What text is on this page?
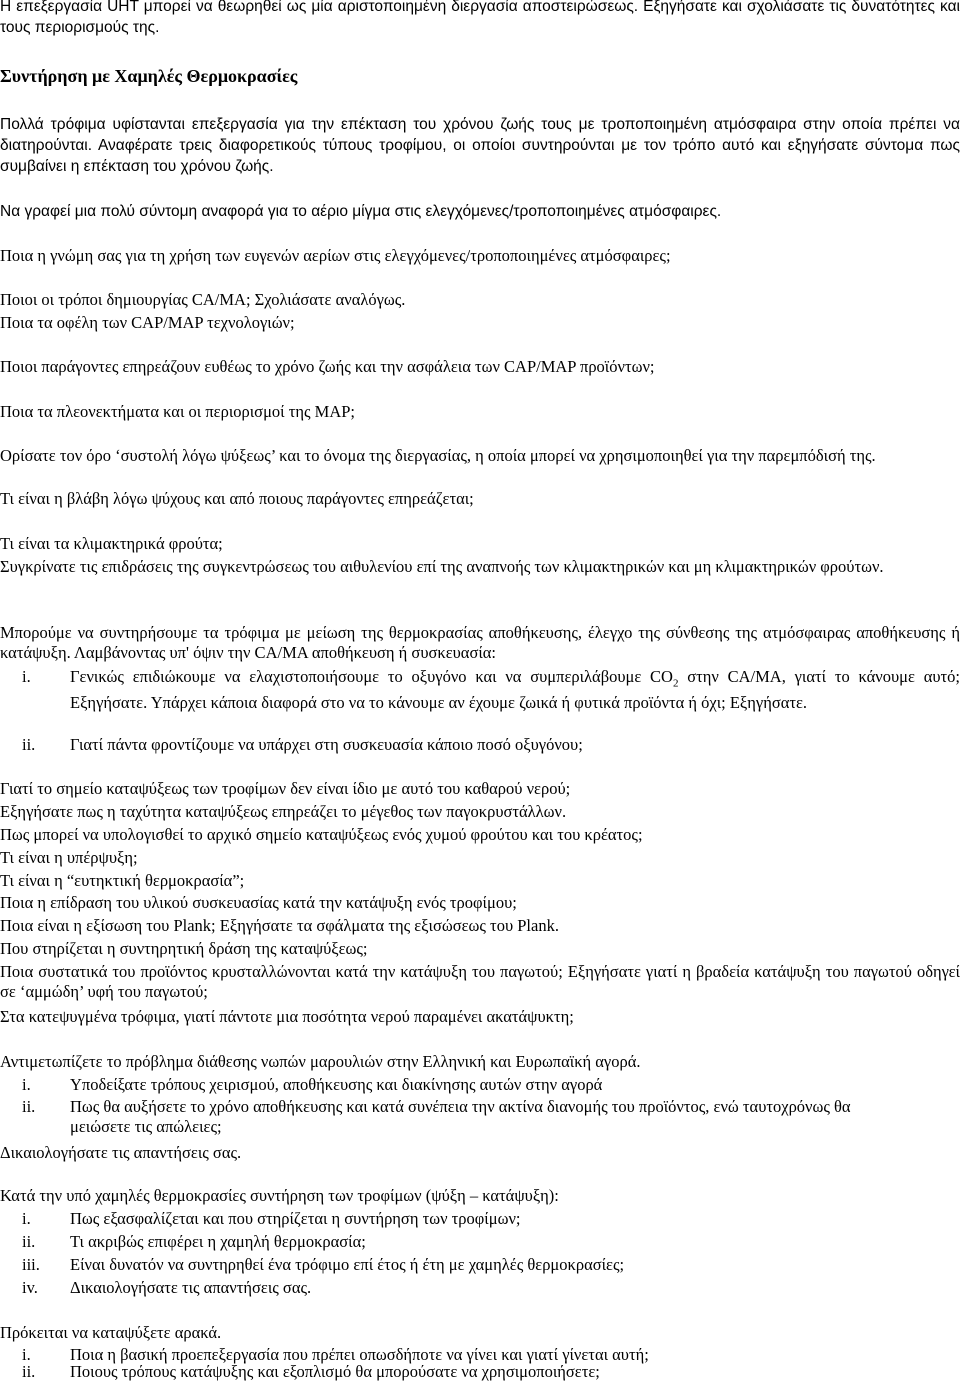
Η επεξεργασία UHT μπορεί να θεωρηθεί ως μία αριστοποιημένη διεργασία αποστειρώσεως. Εξηγήσατε και σχολιάσατε τις δυνατότητες και τους περιορισμούς της.

Συντήρηση με Χαμηλές Θερμοκρασίες

Πολλά τρόφιμα υφίστανται επεξεργασία για την επέκταση του χρόνου ζωής τους με τροποποιημένη ατμόσφαιρα στην οποία πρέπει να διατηρούνται. Αναφέρατε τρεις διαφορετικούς τύπους τροφίμου, οι οποίοι συντηρούνται με τον τρόπο αυτό και εξηγήσατε σύντομα πως συμβαίνει η επέκταση του χρόνου ζωής.

Να γραφεί μια πολύ σύντομη αναφορά για το αέριο μίγμα στις ελεγχόμενες/τροποποιημένες ατμόσφαιρες.

Ποια η γνώμη σας για τη χρήση των ευγενών αερίων στις ελεγχόμενες/τροποποιημένες ατμόσφαιρες;

Ποιοι οι τρόποι δημιουργίας CA/MA; Σχολιάσατε αναλόγως.

Ποια τα οφέλη των CAP/MAP τεχνολογιών;

Ποιοι παράγοντες επηρεάζουν ευθέως το χρόνο ζωής και την ασφάλεια των CAP/MAP προϊόντων;

Ποια τα πλεονεκτήματα και οι περιορισμοί της MAP;

Ορίσατε τον όρο ‘συστολή λόγω ψύξεως’ και το όνομα της διεργασίας, η οποία μπορεί να χρησιμοποιηθεί για την παρεμπόδισή της.

Τι είναι η βλάβη λόγω ψύχους και από ποιους παράγοντες επηρεάζεται;

Τι είναι τα κλιμακτηρικά φρούτα;

Συγκρίνατε τις επιδράσεις της συγκεντρώσεως του αιθυλενίου επί της αναπνοής των κλιμακτηρικών και μη κλιμακτηρικών φρούτων.

Μπορούμε να συντηρήσουμε τα τρόφιμα με μείωση της θερμοκρασίας αποθήκευσης, έλεγχο της σύνθεσης της ατμόσφαιρας αποθήκευσης ή κατάψυξη. Λαμβάνοντας υπ' όψιν την CA/MA αποθήκευση ή συσκευασία:

i.	Γενικώς επιδιώκουμε να ελαχιστοποιήσουμε το οξυγόνο και να συμπεριλάβουμε $CO_2$ στην CA/MA, γιατί το κάνουμε αυτό; Εξηγήσατε. Υπάρχει κάποια διαφορά στο να το κάνουμε αν έχουμε ζωικά ή φυτικά προϊόντα ή όχι; Εξηγήσατε.
ii.	Γιατί πάντα φροντίζουμε να υπάρχει στη συσκευασία κάποιο ποσό οξυγόνου;

Γιατί το σημείο καταψύξεως των τροφίμων δεν είναι ίδιο με αυτό του καθαρού νερού;

Εξηγήσατε πως η ταχύτητα καταψύξεως επηρεάζει το μέγεθος των παγοκρυστάλλων.

Πως μπορεί να υπολογισθεί το αρχικό σημείο καταψύξεως ενός χυμού φρούτου και του κρέατος;

Τι είναι η υπέρψυξη;

Τι είναι η “ευτηκτική θερμοκρασία”;

Ποια η επίδραση του υλικού συσκευασίας κατά την κατάψυξη ενός τροφίμου;

Ποια είναι η εξίσωση του Plank; Εξηγήσατε τα σφάλματα της εξισώσεως του Plank.

Που στηρίζεται η συντηρητική δράση της καταψύξεως;

Ποια συστατικά του προϊόντος κρυσταλλώνονται κατά την κατάψυξη του παγωτού; Εξηγήσατε γιατί η βραδεία κατάψυξη του παγωτού οδηγεί σε ‘αμμώδη’ υφή του παγωτού;

Στα κατεψυγμένα τρόφιμα, γιατί πάντοτε μια ποσότητα νερού παραμένει ακατάψυκτη;

Αντιμετωπίζετε το πρόβλημα διάθεσης νωπών μαρουλιών στην Ελληνική και Ευρωπαϊκή αγορά.

i.	Υποδείξατε τρόπους χειρισμού, αποθήκευσης και διακίνησης αυτών στην αγορά
ii.	Πως θα αυξήσετε το χρόνο αποθήκευσης και κατά συνέπεια την ακτίνα διανομής του προϊόντος, ενώ ταυτοχρόνως θα μειώσετε τις απώλειες;

Δικαιολογήσατε τις απαντήσεις σας.

Κατά την υπό χαμηλές θερμοκρασίες συντήρηση των τροφίμων (ψύξη – κατάψυξη):

i.	Πως εξασφαλίζεται και που στηρίζεται η συντήρηση των τροφίμων;
ii.	Τι ακριβώς επιφέρει η χαμηλή θερμοκρασία;
iii.	Είναι δυνατόν να συντηρηθεί ένα τρόφιμο επί έτος ή έτη με χαμηλές θερμοκρασίες;
iv.	Δικαιολογήσατε τις απαντήσεις σας.

Πρόκειται να καταψύξετε αρακά.

i.	Ποια η βασική προεπεξεργασία που πρέπει οπωσδήποτε να γίνει και γιατί γίνεται αυτή;
ii.	Ποιους τρόπους κατάψυξης και εξοπλισμό θα μπορούσατε να χρησιμοποιήσετε;
